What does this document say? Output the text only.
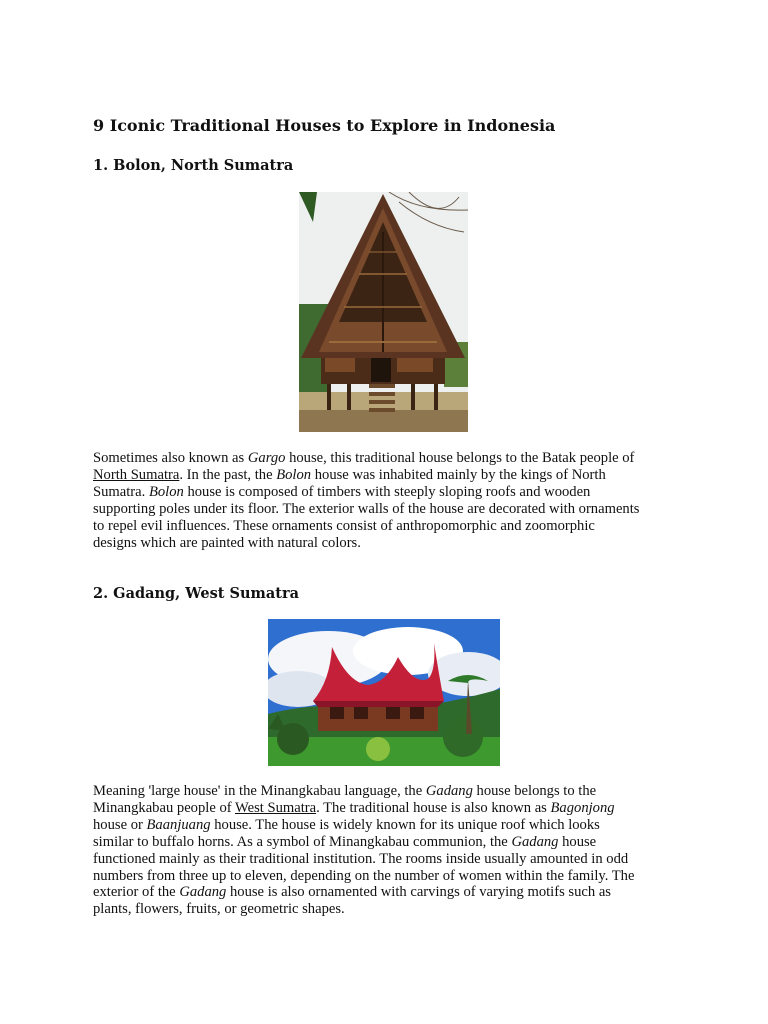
9 Iconic Traditional Houses to Explore in Indonesia
1. Bolon, North Sumatra

Sometimes also known as Gargo house, this traditional house belongs to the Batak people of
North Sumatra. In the past, the Bolon house was inhabited mainly by the kings of North
Sumatra. Bolon house is composed of timbers with steeply sloping roofs and wooden
supporting poles under its floor. The exterior walls of the house are decorated with ornaments
to repel evil influences. These ornaments consist of anthropomorphic and zoomorphic
designs which are painted with natural colors.

2. Gadang, West Sumatra

Meaning 'large house' in the Minangkabau language, the Gadang house belongs to the
Minangkabau people of West Sumatra. The traditional house is also known as Bagonjong
house or Baanjuang house. The house is widely known for its unique roof which looks
similar to buffalo horns. As a symbol of Minangkabau communion, the Gadang house
functioned mainly as their traditional institution. The rooms inside usually amounted in odd
numbers from three up to eleven, depending on the number of women within the family. The
exterior of the Gadang house is also ornamented with carvings of varying motifs such as
plants, flowers, fruits, or geometric shapes.
